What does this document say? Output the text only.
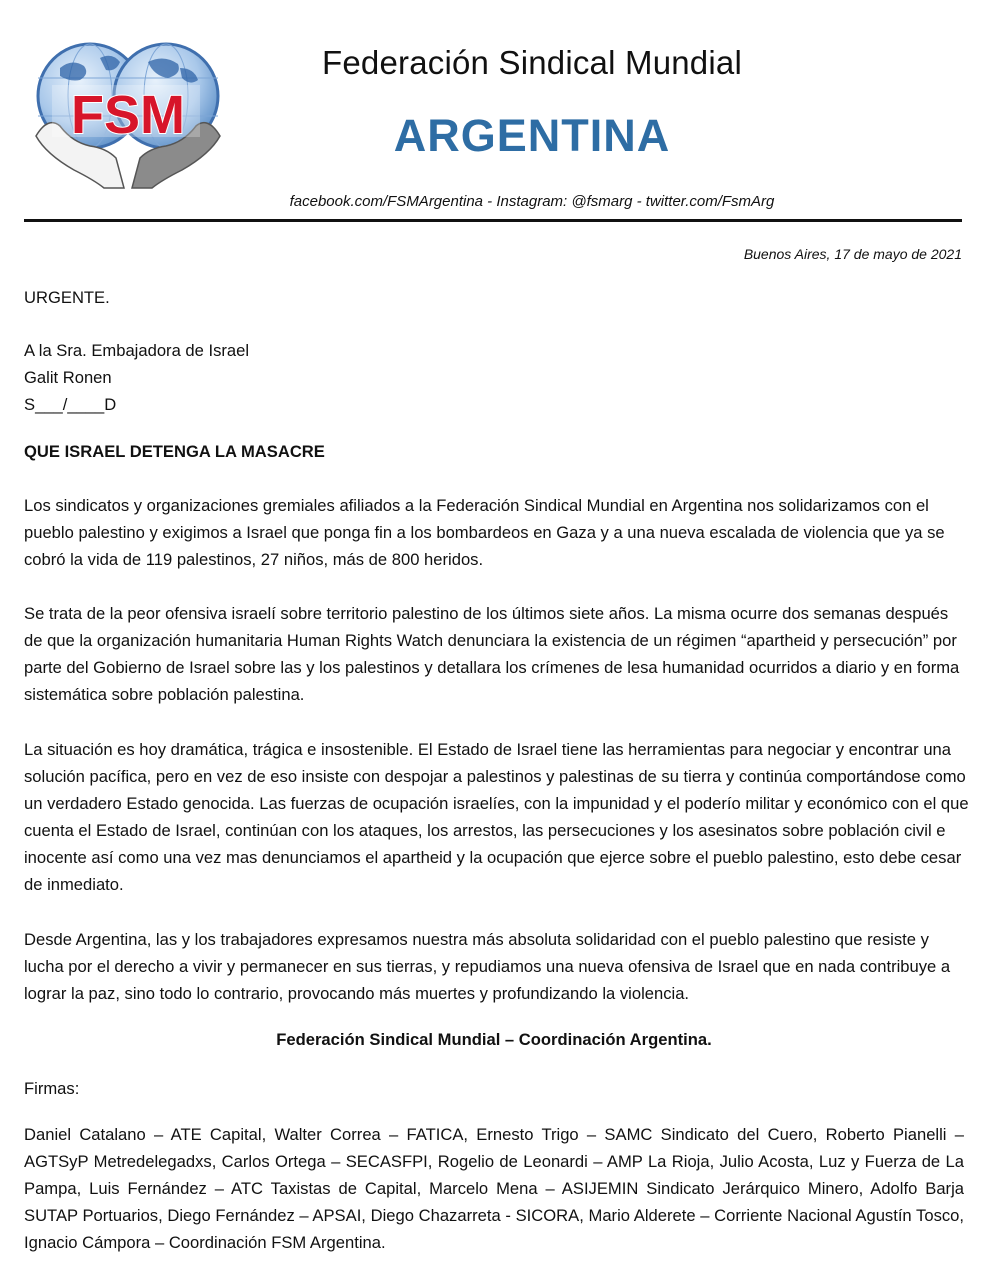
FSM
Federación Sindical Mundial
ARGENTINA
facebook.com/FSMArgentina - Instagram: @fsmarg - twitter.com/FsmArg
Buenos Aires, 17 de mayo de 2021
URGENTE.
A la Sra. Embajadora de Israel
Galit Ronen
S___/____D
QUE ISRAEL DETENGA LA MASACRE
Los sindicatos y organizaciones gremiales afiliados a la Federación Sindical Mundial en Argentina nos solidarizamos con el pueblo palestino y exigimos a Israel que ponga fin a los bombardeos en Gaza y a una nueva escalada de violencia que ya se cobró la vida de 119 palestinos, 27 niños, más de 800 heridos.
Se trata de la peor ofensiva israelí sobre territorio palestino de los últimos siete años. La misma ocurre dos semanas después de que la organización humanitaria Human Rights Watch denunciara la existencia de un régimen “apartheid y persecución” por parte del Gobierno de Israel sobre las y los palestinos y detallara los crímenes de lesa humanidad ocurridos a diario y en forma sistemática sobre población palestina.
La situación es hoy dramática, trágica e insostenible. El Estado de Israel tiene las herramientas para negociar y encontrar una solución pacífica, pero en vez de eso insiste con despojar a palestinos y palestinas de su tierra y continúa comportándose como un verdadero Estado genocida. Las fuerzas de ocupación israelíes, con la impunidad y el poderío militar y económico con el que cuenta el Estado de Israel, continúan con los ataques, los arrestos, las persecuciones y los asesinatos sobre población civil e inocente así como una vez mas denunciamos el apartheid y la ocupación que ejerce sobre el pueblo palestino, esto debe cesar de inmediato.
Desde Argentina, las y los trabajadores expresamos nuestra más absoluta solidaridad con el pueblo palestino que resiste y lucha por el derecho a vivir y permanecer en sus tierras, y repudiamos una nueva ofensiva de Israel que en nada contribuye a lograr la paz, sino todo lo contrario, provocando más muertes y profundizando la violencia.
Federación Sindical Mundial – Coordinación Argentina.
Firmas:
Daniel Catalano – ATE Capital, Walter Correa – FATICA, Ernesto Trigo – SAMC Sindicato del Cuero, Roberto Pianelli – AGTSyP Metredelegadxs, Carlos Ortega – SECASFPI, Rogelio de Leonardi – AMP La Rioja, Julio Acosta, Luz y Fuerza de La Pampa, Luis Fernández – ATC Taxistas de Capital, Marcelo Mena – ASIJEMIN Sindicato Jerárquico Minero, Adolfo Barja SUTAP Portuarios, Diego Fernández – APSAI, Diego Chazarreta - SICORA, Mario Alderete – Corriente Nacional Agustín Tosco, Ignacio Cámpora – Coordinación FSM Argentina.
